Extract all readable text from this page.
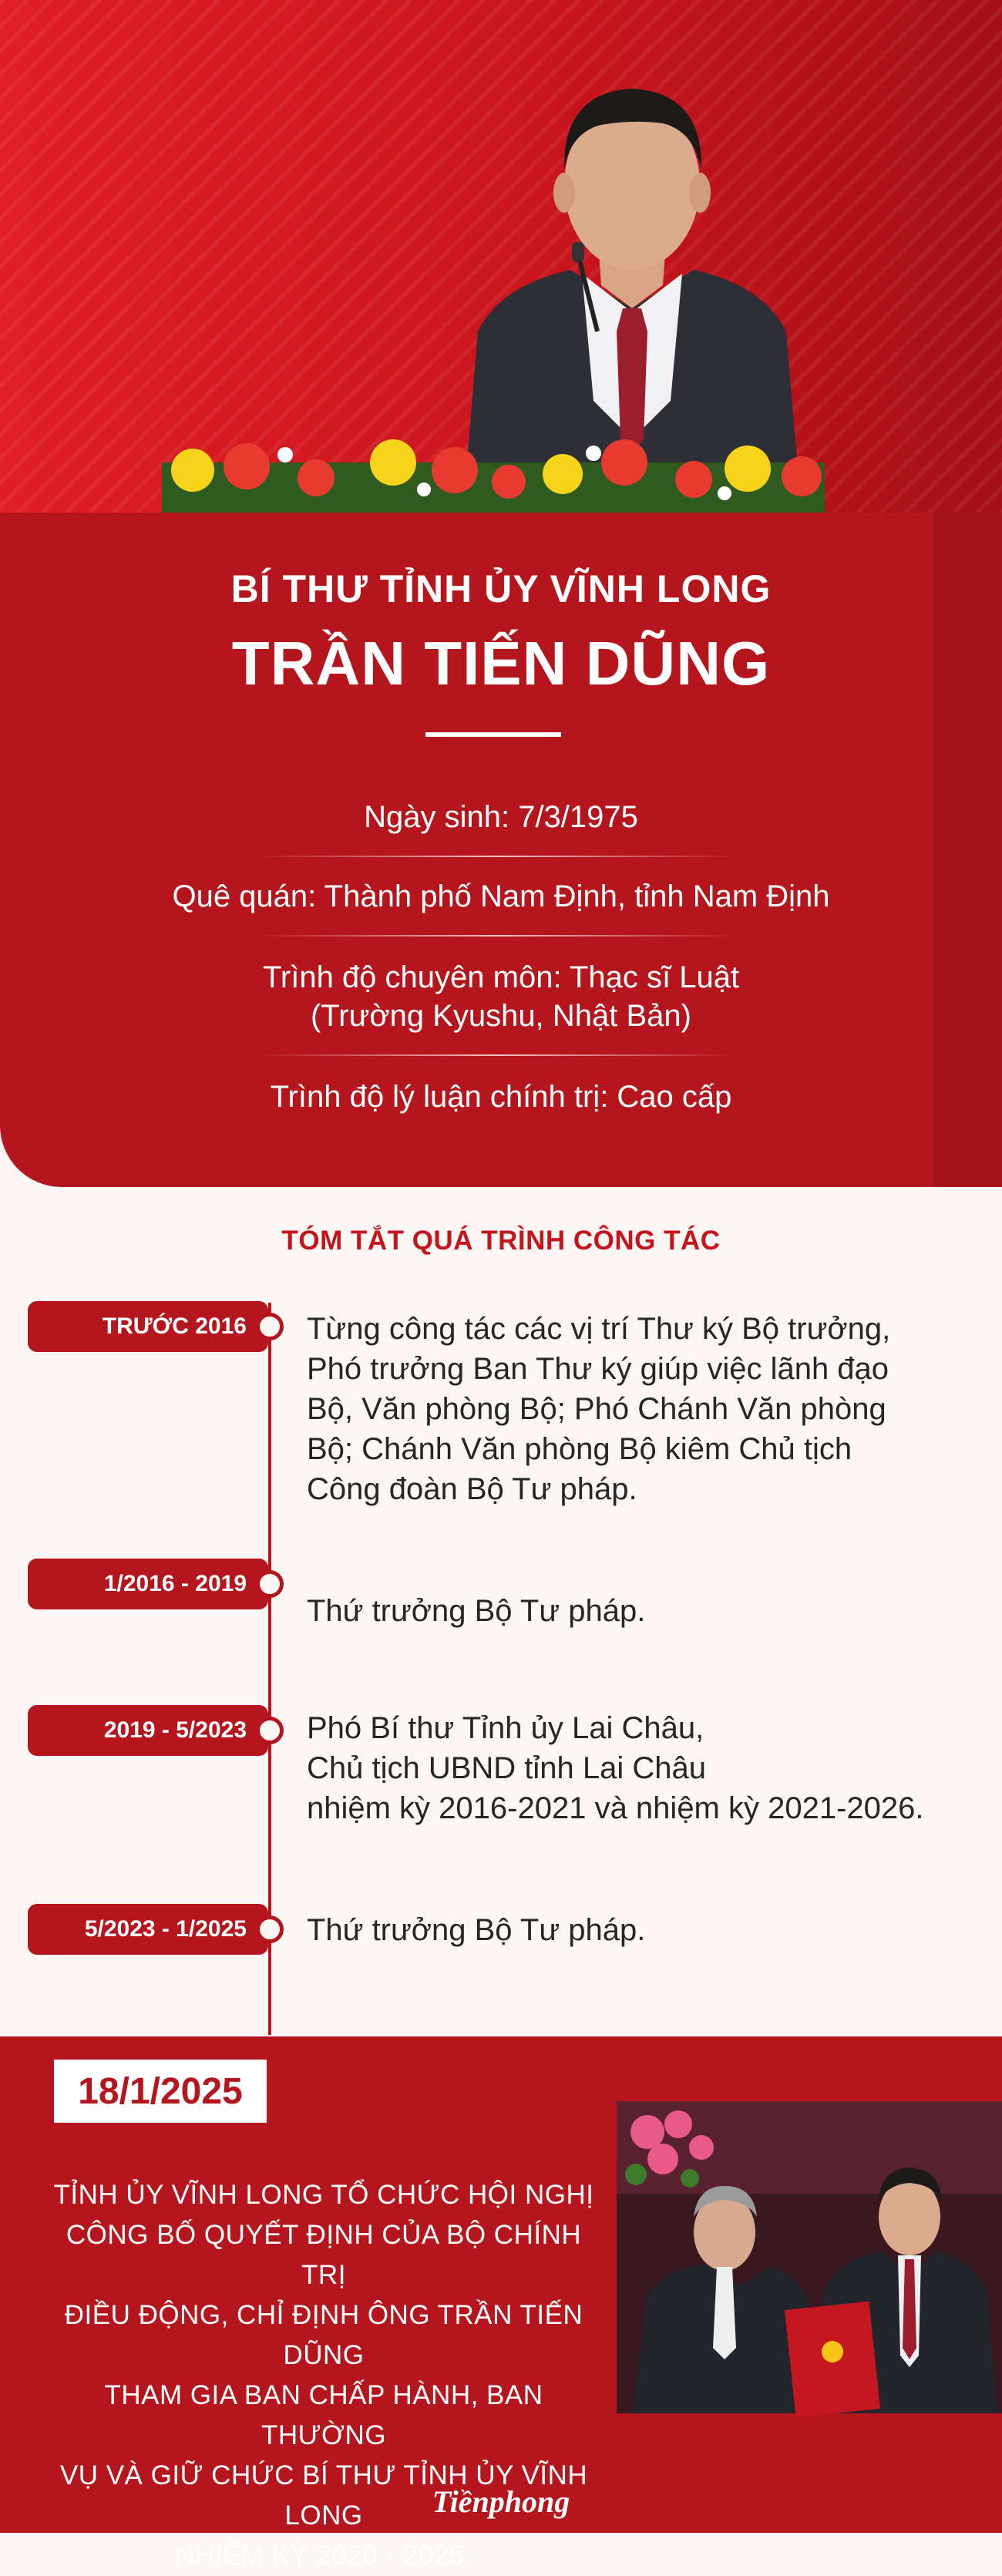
BÍ THƯ TỈNH ỦY VĨNH LONG
TRẦN TIẾN DŨNG
Ngày sinh: 7/3/1975
Quê quán: Thành phố Nam Định, tỉnh Nam Định
Trình độ chuyên môn: Thạc sĩ Luật
(Trường Kyushu, Nhật Bản)
Trình độ lý luận chính trị: Cao cấp
TÓM TẮT QUÁ TRÌNH CÔNG TÁC
TRƯỚC 2016 Từng công tác các vị trí Thư ký Bộ trưởng,
Phó trưởng Ban Thư ký giúp việc lãnh đạo
Bộ, Văn phòng Bộ; Phó Chánh Văn phòng
Bộ; Chánh Văn phòng Bộ kiêm Chủ tịch
Công đoàn Bộ Tư pháp.
1/2016 - 2019
Thứ trưởng Bộ Tư pháp.
2019 - 5/2023 Phó Bí thư Tỉnh ủy Lai Châu,
Chủ tịch UBND tỉnh Lai Châu
nhiệm kỳ 2016-2021 và nhiệm kỳ 2021-2026.
5/2023 - 1/2025 Thứ trưởng Bộ Tư pháp.
18/1/2025
TỈNH ỦY VĨNH LONG TỔ CHỨC HỘI NGHỊ
CÔNG BỐ QUYẾT ĐỊNH CỦA BỘ CHÍNH TRỊ
ĐIỀU ĐỘNG, CHỈ ĐỊNH ÔNG TRẦN TIẾN DŨNG
THAM GIA BAN CHẤP HÀNH, BAN THƯỜNG
VỤ VÀ GIỮ CHỨC BÍ THƯ TỈNH ỦY VĨNH LONG
NHIỆM KỲ 2020 - 2025.
Tiềnphong
